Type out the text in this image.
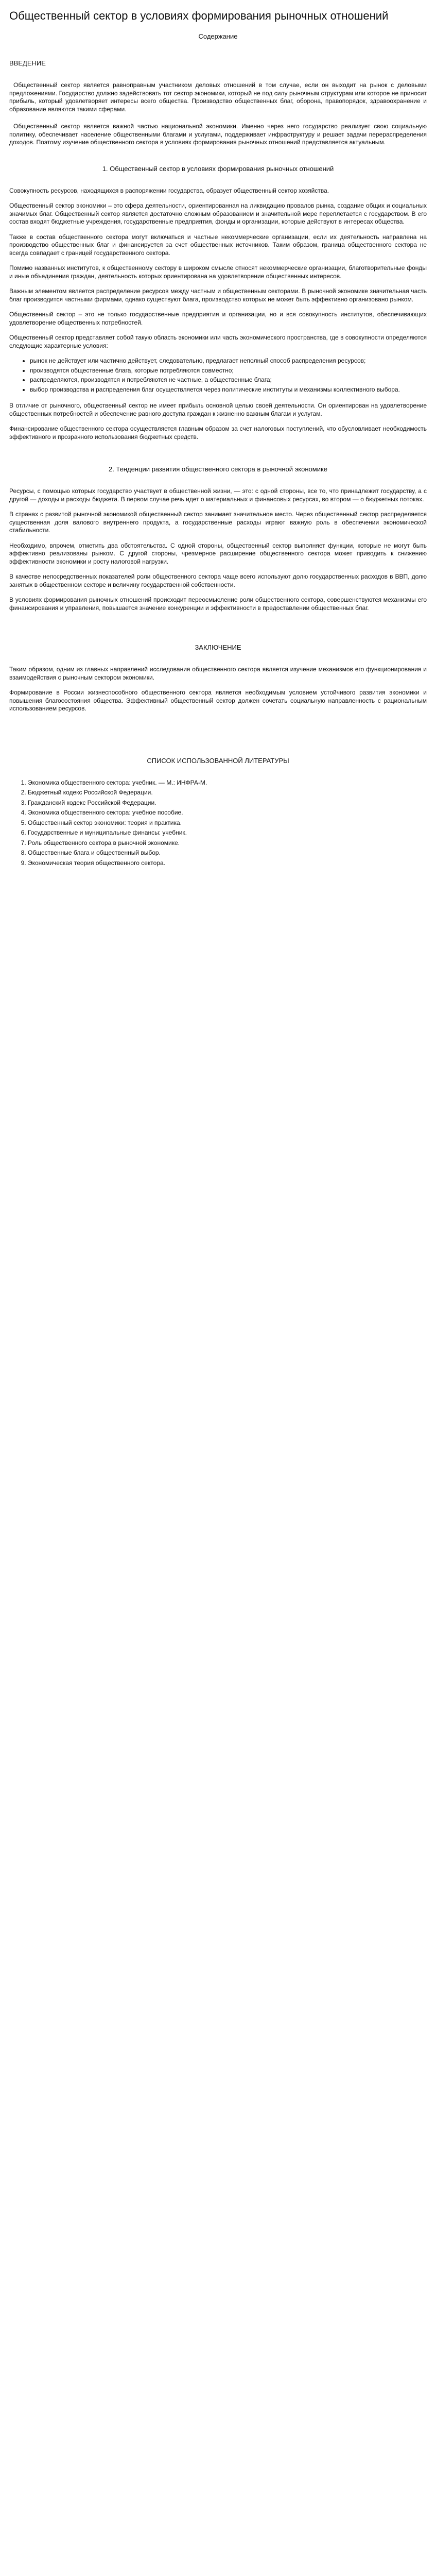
Общественный сектор в условиях формирования рыночных отношений
Содержание
ВВЕДЕНИЕ
Общественный сектор является равноправным участником деловых отношений в том случае, если он выходит на рынок с деловыми предложениями. Государство должно задействовать тот сектор экономики, который не под силу рыночным структурам или которое не приносит прибыль, который удовлетворяет интересы всего общества. Производство общественных благ, оборона, правопорядок, здравоохранение и образование являются такими сферами.
Общественный сектор является важной частью национальной экономики. Именно через него государство реализует свою социальную политику, обеспечивает население общественными благами и услугами, поддерживает инфраструктуру и решает задачи перераспределения доходов. Поэтому изучение общественного сектора в условиях формирования рыночных отношений представляется актуальным.
1. Общественный сектор в условиях формирования рыночных отношений
Совокупность ресурсов, находящихся в распоряжении государства, образует общественный сектор хозяйства.
Общественный сектор экономики – это сфера деятельности, ориентированная на ликвидацию провалов рынка, создание общих и социальных значимых благ. Общественный сектор является достаточно сложным образованием и значительной мере переплетается с государством. В его состав входят бюджетные учреждения, государственные предприятия, фонды и организации, которые действуют в интересах общества.
Также в состав общественного сектора могут включаться и частные некоммерческие организации, если их деятельность направлена на производство общественных благ и финансируется за счет общественных источников. Таким образом, граница общественного сектора не всегда совпадает с границей государственного сектора.
Помимо названных институтов, к общественному сектору в широком смысле относят некоммерческие организации, благотворительные фонды и иные объединения граждан, деятельность которых ориентирована на удовлетворение общественных интересов.
Важным элементом является распределение ресурсов между частным и общественным секторами. В рыночной экономике значительная часть благ производится частными фирмами, однако существуют блага, производство которых не может быть эффективно организовано рынком.
Общественный сектор – это не только государственные предприятия и организации, но и вся совокупность институтов, обеспечивающих удовлетворение общественных потребностей.
Общественный сектор представляет собой такую область экономики или часть экономического пространства, где в совокупности определяются следующие характерные условия:
• рынок не действует или частично действует, следовательно, предлагает неполный способ распределения ресурсов;
• производятся общественные блага, которые потребляются совместно;
• распределяются, производятся и потребляются не частные, а общественные блага;
• выбор производства и распределения благ осуществляется через политические институты и механизмы коллективного выбора.
В отличие от рыночного, общественный сектор не имеет прибыль основной целью своей деятельности. Он ориентирован на удовлетворение общественных потребностей и обеспечение равного доступа граждан к жизненно важным благам и услугам.
Финансирование общественного сектора осуществляется главным образом за счет налоговых поступлений, что обусловливает необходимость эффективного и прозрачного использования бюджетных средств.
2. Тенденции развития общественного сектора в рыночной экономике
Ресурсы, с помощью которых государство участвует в общественной жизни, — это: с одной стороны, все то, что принадлежит государству, а с другой — доходы и расходы бюджета. В первом случае речь идет о материальных и финансовых ресурсах, во втором — о бюджетных потоках.
В странах с развитой рыночной экономикой общественный сектор занимает значительное место. Через общественный сектор распределяется существенная доля валового внутреннего продукта, а государственные расходы играют важную роль в обеспечении экономической стабильности.
Необходимо, впрочем, отметить два обстоятельства. С одной стороны, общественный сектор выполняет функции, которые не могут быть эффективно реализованы рынком. С другой стороны, чрезмерное расширение общественного сектора может приводить к снижению эффективности экономики и росту налоговой нагрузки.
В качестве непосредственных показателей роли общественного сектора чаще всего используют долю государственных расходов в ВВП, долю занятых в общественном секторе и величину государственной собственности.
В условиях формирования рыночных отношений происходит переосмысление роли общественного сектора, совершенствуются механизмы его финансирования и управления, повышается значение конкуренции и эффективности в предоставлении общественных благ.
ЗАКЛЮЧЕНИЕ
Таким образом, одним из главных направлений исследования общественного сектора является изучение механизмов его функционирования и взаимодействия с рыночным сектором экономики.
Формирование в России жизнеспособного общественного сектора является необходимым условием устойчивого развития экономики и повышения благосостояния общества. Эффективный общественный сектор должен сочетать социальную направленность с рациональным использованием ресурсов.
СПИСОК ИСПОЛЬЗОВАННОЙ ЛИТЕРАТУРЫ
1. Экономика общественного сектора: учебник. — М.: ИНФРА-М.
2. Бюджетный кодекс Российской Федерации.
3. Гражданский кодекс Российской Федерации.
4. Экономика общественного сектора: учебное пособие.
5. Общественный сектор экономики: теория и практика.
6. Государственные и муниципальные финансы: учебник.
7. Роль общественного сектора в рыночной экономике.
8. Общественные блага и общественный выбор.
9. Экономическая теория общественного сектора.
